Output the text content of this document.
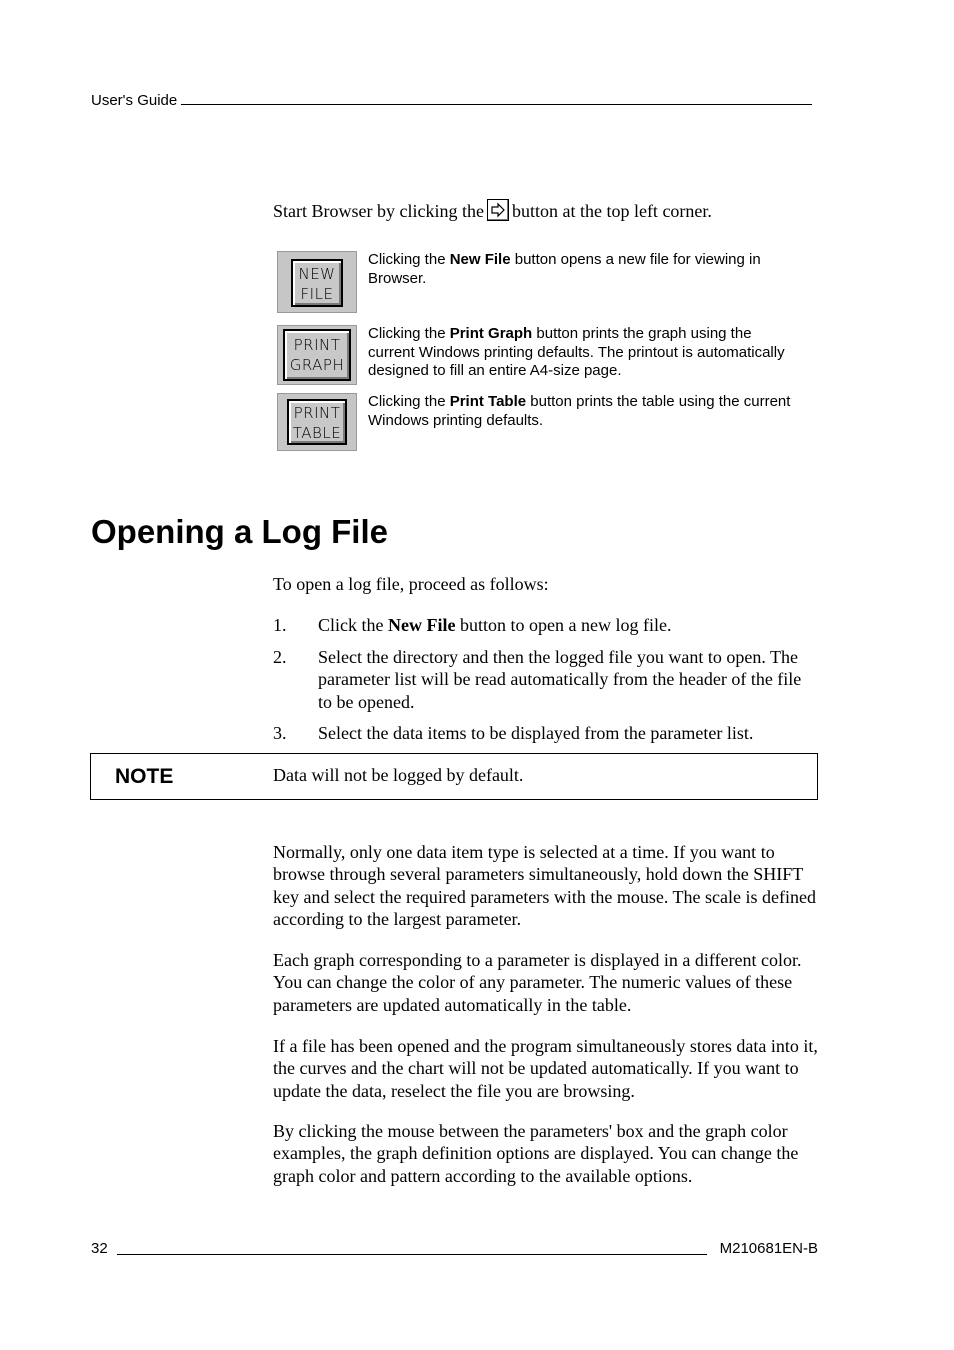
User's Guide
Start Browser by clicking the button at the top left corner.
NEW
FILE
Clicking the New File button opens a new file for viewing in Browser.
PRINT
GRAPH
Clicking the Print Graph button prints the graph using the current Windows printing defaults. The printout is automatically designed to fill an entire A4-size page.
PRINT
TABLE
Clicking the Print Table button prints the table using the current Windows printing defaults.
Opening a Log File

To open a log file, proceed as follows:

1. Click the New File button to open a new log file.
2. Select the directory and then the logged file you want to open. The parameter list will be read automatically from the header of the file to be opened.
3. Select the data items to be displayed from the parameter list.
NOTE	Data will not be logged by default.

Normally, only one data item type is selected at a time. If you want to browse through several parameters simultaneously, hold down the SHIFT key and select the required parameters with the mouse. The scale is defined according to the largest parameter.

Each graph corresponding to a parameter is displayed in a different color. You can change the color of any parameter. The numeric values of these parameters are updated automatically in the table.

If a file has been opened and the program simultaneously stores data into it, the curves and the chart will not be updated automatically. If you want to update the data, reselect the file you are browsing.

By clicking the mouse between the parameters' box and the graph color examples, the graph definition options are displayed. You can change the graph color and pattern according to the available options.

32	M210681EN-B
